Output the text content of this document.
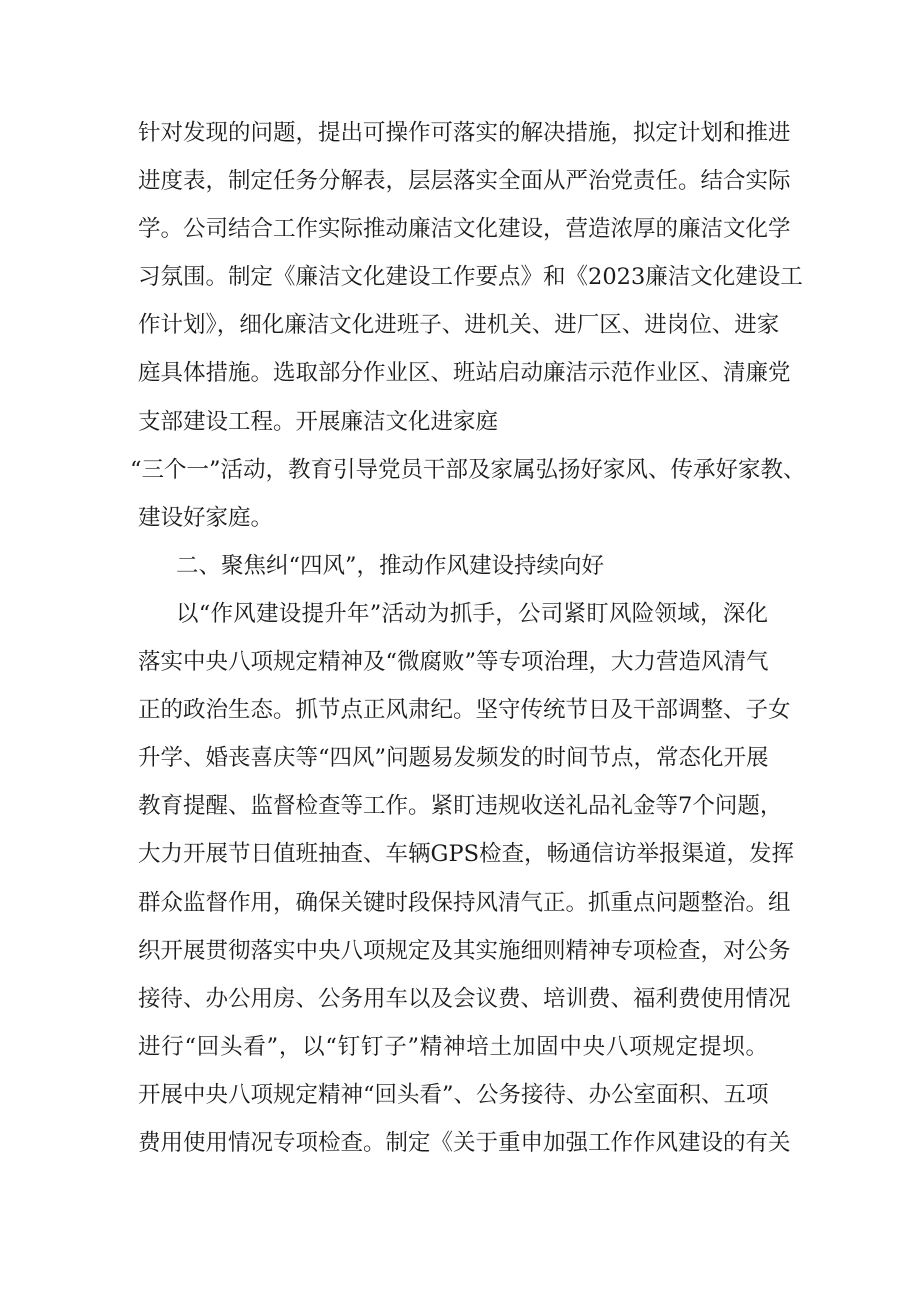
针对发现的问题，提出可操作可落实的解决措施，拟定计划和推进
进度表，制定任务分解表，层层落实全面从严治党责任。结合实际
学。公司结合工作实际推动廉洁文化建设，营造浓厚的廉洁文化学
习氛围。制定《廉洁文化建设工作要点》和《2023廉洁文化建设工
作计划》，细化廉洁文化进班子、进机关、进厂区、进岗位、进家
庭具体措施。选取部分作业区、班站启动廉洁示范作业区、清廉党
支部建设工程。开展廉洁文化进家庭
“三个一”活动，教育引导党员干部及家属弘扬好家风、传承好家教、
建设好家庭。
二、聚焦纠“四风”，推动作风建设持续向好
以“作风建设提升年”活动为抓手，公司紧盯风险领域，深化
落实中央八项规定精神及“微腐败”等专项治理，大力营造风清气
正的政治生态。抓节点正风肃纪。坚守传统节日及干部调整、子女
升学、婚丧喜庆等“四风”问题易发频发的时间节点，常态化开展
教育提醒、监督检查等工作。紧盯违规收送礼品礼金等7个问题，
大力开展节日值班抽查、车辆GPS检查，畅通信访举报渠道，发挥
群众监督作用，确保关键时段保持风清气正。抓重点问题整治。组
织开展贯彻落实中央八项规定及其实施细则精神专项检查，对公务
接待、办公用房、公务用车以及会议费、培训费、福利费使用情况
进行“回头看”，以“钉钉子”精神培土加固中央八项规定提坝。
开展中央八项规定精神“回头看”、公务接待、办公室面积、五项
费用使用情况专项检查。制定《关于重申加强工作作风建设的有关
